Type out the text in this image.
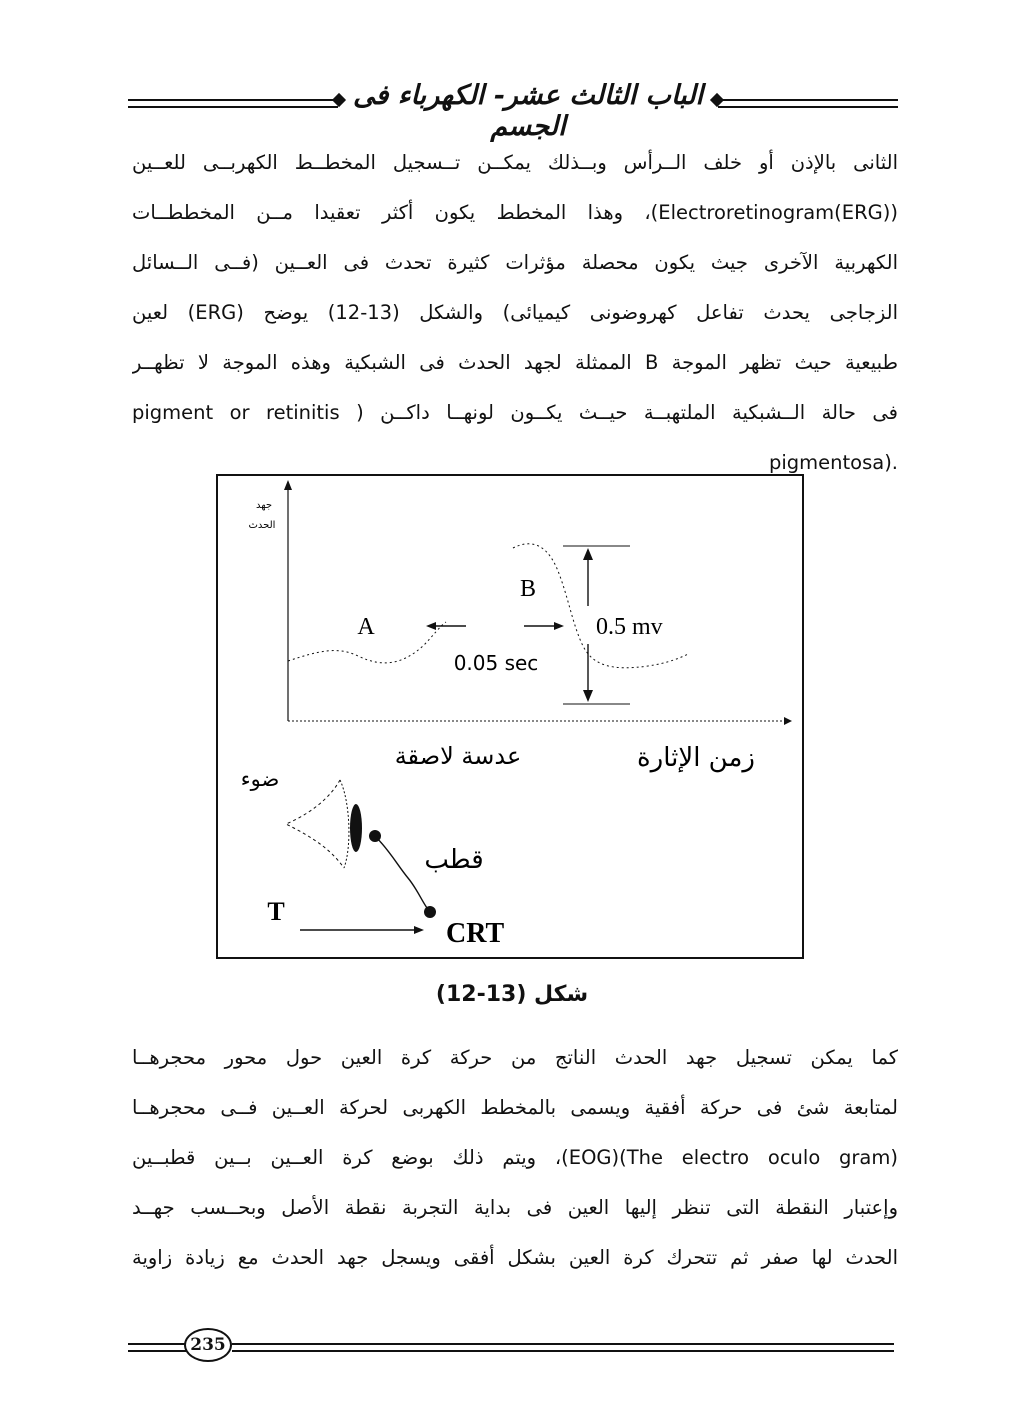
الباب الثالث عشر- الكهرباء فى الجسم
الثانى بالإذن أو خلف الــرأس وبــذلك يمكــن تــسجيل المخطــط الكهربــى للعــين
(Electroretinogram(ERG))، وهذا المخطط يكون أكثر تعقيدا مــن المخططــات
الكهربية الآخرى جيث يكون محصلة مؤثرات كثيرة تحدث فى العــين (فــى الــسائل
الزجاجى يحدث تفاعل كهروضونى كيميائى) والشكل (13-12) يوضح (ERG) لعين
طبيعية حيث تظهر الموجة B الممثلة لجهد الحدث فى الشبكية وهذه الموجة لا تظهــر
فى حالة الــشبكية الملتهبــة حيــث يكــون لونهــا داكــن ( pigment or retinitis
.(pigmentosa
جهد
الحدث
A
B
0.05 sec
0.5 mv
عدسة لاصقة	زمن الإثارة
ضوء
قطب
T
CRT
شكل (13-12)
كما يمكن تسجيل جهد الحدث الناتج من حركة كرة العين حول محور محجرهــا
لمتابعة شئ فى حركة أفقية ويسمى بالمخطط الكهربى لحركة العــين فــى محجرهــا
(The electro oculo gram)(EOG)، ويتم ذلك بوضع كرة العــين بــين قطبــين
وإعتبار النقطة التى تنظر إليها العين فى بداية التجربة نقطة الأصل وبحــسب جهــد
الحدث لها صفر ثم تتحرك كرة العين بشكل أفقى ويسجل جهد الحدث مع زيادة زاوية
235
